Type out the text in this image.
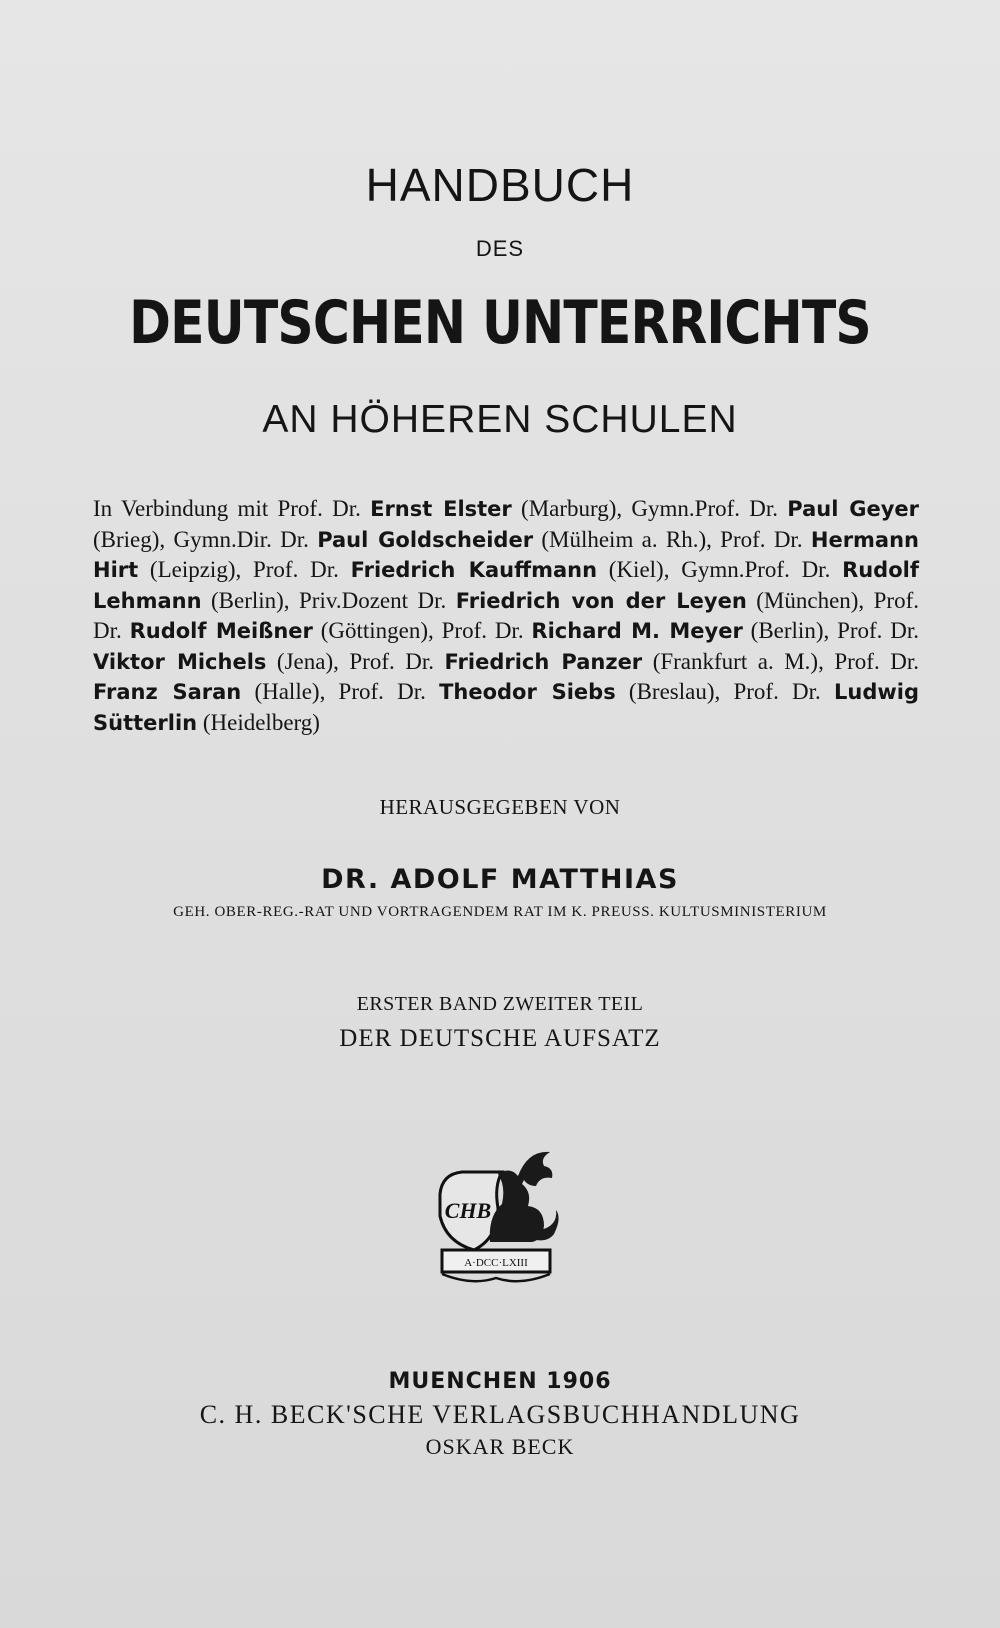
HANDBUCH
DES
DEUTSCHEN UNTERRICHTS
AN HÖHEREN SCHULEN
In Verbindung mit Prof. Dr. Ernst Elster (Marburg), Gymn.Prof. Dr. Paul Geyer (Brieg), Gymn.Dir. Dr. Paul Goldscheider (Mülheim a. Rh.), Prof. Dr. Hermann Hirt (Leipzig), Prof. Dr. Friedrich Kauffmann (Kiel), Gymn.Prof. Dr. Rudolf Lehmann (Berlin), Priv.Dozent Dr. Friedrich von der Leyen (München), Prof. Dr. Rudolf Meißner (Göttingen), Prof. Dr. Richard M. Meyer (Berlin), Prof. Dr. Viktor Michels (Jena), Prof. Dr. Friedrich Panzer (Frankfurt a. M.), Prof. Dr. Franz Saran (Halle), Prof. Dr. Theodor Siebs (Breslau), Prof. Dr. Ludwig Sütterlin (Heidelberg)
HERAUSGEGEBEN VON
DR. ADOLF MATTHIAS
GEH. OBER-REG.-RAT UND VORTRAGENDEM RAT IM K. PREUSS. KULTUSMINISTERIUM
ERSTER BAND ZWEITER TEIL
DER DEUTSCHE AUFSATZ
CHB
A·DCC·LXIII
MUENCHEN 1906
C. H. BECK'SCHE VERLAGSBUCHHANDLUNG
OSKAR BECK
